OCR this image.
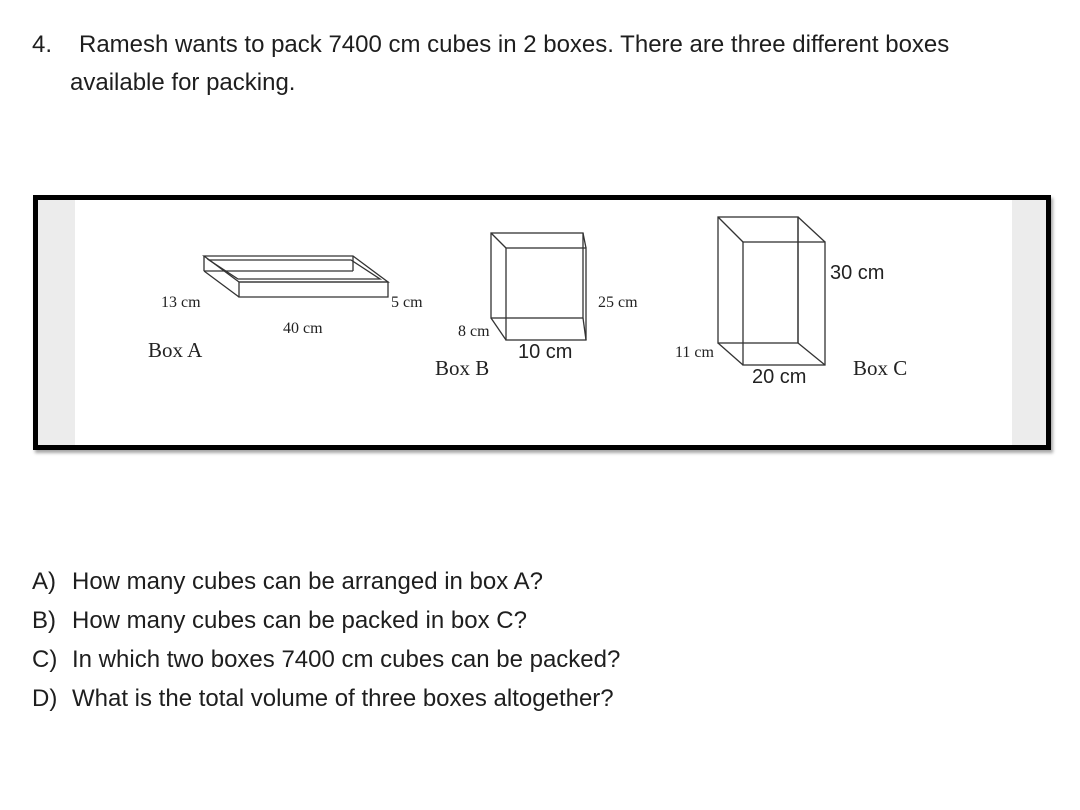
4. Ramesh wants to pack 7400 cm cubes in 2 boxes. There are three different boxes
available for packing.
13 cm
40 cm
5 cm
Box A
8 cm
10 cm
25 cm
Box B
11 cm
20 cm
30 cm
Box C
A) How many cubes can be arranged in box A?
B) How many cubes can be packed in box C?
C) In which two boxes 7400 cm cubes can be packed?
D) What is the total volume of three boxes altogether?
